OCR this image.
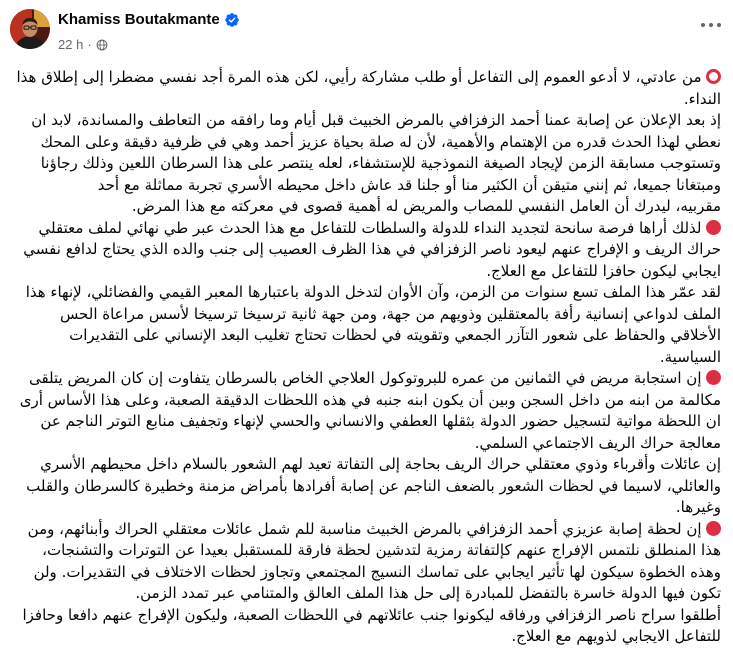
Khamiss Boutakmante
22 h ·
من عادتي، لا أدعو العموم إلى التفاعل أو طلب مشاركة رأيي، لكن هذه المرة أجد نفسي مضطرا إلى إطلاق هذا
النداء.
إذ بعد الإعلان عن إصابة عمنا أحمد الزفزافي بالمرض الخبيث قبل أيام وما رافقه من التعاطف والمساندة، لابد ان
نعطي لهذا الحدث قدره من الإهتمام والأهمية، لأن له صلة بحياة عزيز أحمد وهي في ظرفية دقيقة وعلى المحك
وتستوجب مسابقة الزمن لإيجاد الصيغة النموذجية للإستشفاء، لعله ينتصر على هذا السرطان اللعين وذلك رجاؤنا
ومبتغانا جميعا، ثم إنني متيقن أن الكثير منا أو جلنا قد عاش داخل محيطه الأسري تجربة مماثلة مع أحد
مقربيه، ليدرك أن العامل النفسي للمصاب والمريض له أهمية قصوى في معركته مع هذا المرض.
لذلك أراها فرصة سانحة لتجديد النداء للدولة والسلطات للتفاعل مع هذا الحدث عبر طي نهائي لملف معتقلي
حراك الريف و الإفراج عنهم ليعود ناصر الزفزافي في هذا الظرف العصيب إلى جنب والده الذي يحتاج لدافع نفسي
ايجابي ليكون حافزا للتفاعل مع العلاج.
لقد عمّر هذا الملف تسع سنوات من الزمن، وآن الأوان لتدخل الدولة باعتبارها المعبر القيمي والفضائلي، لإنهاء هذا
الملف لدواعي إنسانية رأفة بالمعتقلين وذويهم من جهة، ومن جهة ثانية ترسيخا ترسيخا لأسس مراعاة الحس
الأخلاقي والحفاظ على شعور التآزر الجمعي وتقويته في لحظات تحتاج تغليب البعد الإنساني على التقديرات
السياسية.
إن استجابة مريض في الثمانين من عمره للبروتوكول العلاجي الخاص بالسرطان يتفاوت إن كان المريض يتلقى
مكالمة من ابنه من داخل السجن وبين أن يكون ابنه جنبه في هذه اللحظات الدقيقة الصعبة، وعلى هذا الأساس أرى
ان اللحظة مواتية لتسجيل حضور الدولة بثقلها العطفي والانساني والحسي لإنهاء وتجفيف منابع التوتر الناجم عن
معالجة حراك الريف الاجتماعي السلمي.
إن عائلات وأقرباء وذوي معتقلي حراك الريف بحاجة إلى التفاتة تعيد لهم الشعور بالسلام داخل محيطهم الأسري
والعائلي، لاسيما في لحظات الشعور بالضعف الناجم عن إصابة أفرادها بأمراض مزمنة وخطيرة كالسرطان والقلب
وغيرها.
إن لحظة إصابة عزيزي أحمد الزفزافي بالمرض الخبيث مناسبة للم شمل عائلات معتقلي الحراك وأبنائهم، ومن
هذا المنطلق نلتمس الإفراج عنهم كإلتفاتة رمزية لتدشين لحظة فارقة للمستقبل بعيدا عن التوترات والتشنجات،
وهذه الخطوة سيكون لها تأثير ايجابي على تماسك النسيج المجتمعي وتجاوز لحظات الاختلاف في التقديرات. ولن
تكون فيها الدولة خاسرة بالتفضل للمبادرة إلى حل هذا الملف العالق والمتنامي عبر تمدد الزمن.
أطلقوا سراح ناصر الزفزافي ورفاقه ليكونوا جنب عائلاتهم في اللحظات الصعبة، وليكون الإفراج عنهم دافعا وحافزا
للتفاعل الايجابي لذويهم مع العلاج.
